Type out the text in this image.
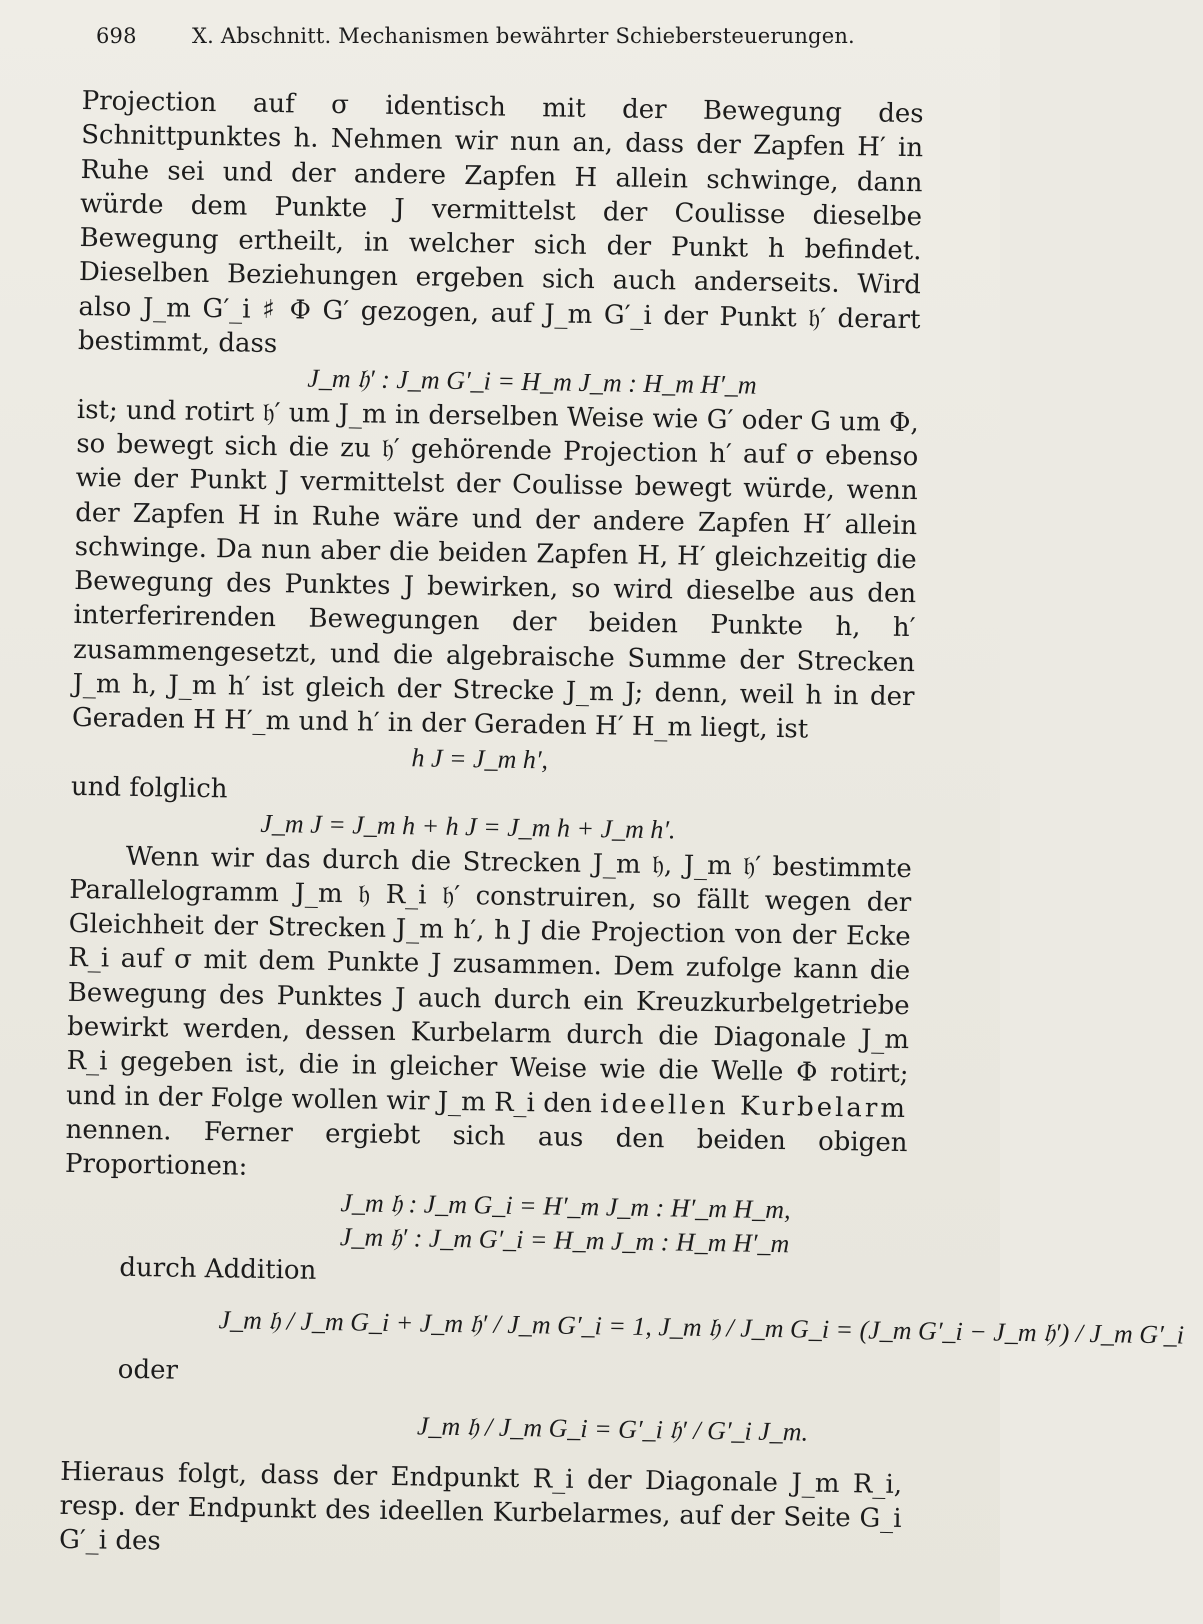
698	X. Abschnitt. Mechanismen bewährter Schiebersteuerungen.

Projection auf σ identisch mit der Bewegung des Schnittpunktes h. Nehmen wir nun an, dass der Zapfen H′ in Ruhe sei und der andere Zapfen H allein schwinge, dann würde dem Punkte J vermittelst der Coulisse dieselbe Bewegung ertheilt, in welcher sich der Punkt h befindet. Dieselben Beziehungen ergeben sich auch anderseits. Wird also J_m G′_i ♯ Φ G′ gezogen, auf J_m G′_i der Punkt 𝔥′ derart bestimmt, dass
J_m 𝔥′ : J_m G′_i = H_m J_m : H_m H′_m
ist; und rotirt 𝔥′ um J_m in derselben Weise wie G′ oder G um Φ, so bewegt sich die zu 𝔥′ gehörende Projection h′ auf σ ebenso wie der Punkt J vermittelst der Coulisse bewegt würde, wenn der Zapfen H in Ruhe wäre und der andere Zapfen H′ allein schwinge. Da nun aber die beiden Zapfen H, H′ gleichzeitig die Bewegung des Punktes J bewirken, so wird dieselbe aus den interferirenden Bewegungen der beiden Punkte h, h′ zusammengesetzt, und die algebraische Summe der Strecken J_m h, J_m h′ ist gleich der Strecke J_m J; denn, weil h in der Geraden H H′_m und h′ in der Geraden H′ H_m liegt, ist
h J = J_m h′,
und folglich
J_m J = J_m h + h J = J_m h + J_m h′.

Wenn wir das durch die Strecken J_m 𝔥, J_m 𝔥′ bestimmte Parallelogramm J_m 𝔥 R_i 𝔥′ construiren, so fällt wegen der Gleichheit der Strecken J_m h′, h J die Projection von der Ecke R_i auf σ mit dem Punkte J zusammen. Dem zufolge kann die Bewegung des Punktes J auch durch ein Kreuzkurbelgetriebe bewirkt werden, dessen Kurbelarm durch die Diagonale J_m R_i gegeben ist, die in gleicher Weise wie die Welle Φ rotirt; und in der Folge wollen wir J_m R_i den ideellen Kurbelarm nennen. Ferner ergiebt sich aus den beiden obigen Proportionen:
J_m 𝔥 : J_m G_i = H′_m J_m : H′_m H_m,
J_m 𝔥′ : J_m G′_i = H_m J_m : H_m H′_m
durch Addition
J_m 𝔥 / J_m G_i + J_m 𝔥′ / J_m G′_i = 1, J_m 𝔥 / J_m G_i = (J_m G′_i − J_m 𝔥′) / J_m G′_i
oder
J_m 𝔥 / J_m G_i = G′_i 𝔥′ / G′_i J_m.

Hieraus folgt, dass der Endpunkt R_i der Diagonale J_m R_i, resp. der Endpunkt des ideellen Kurbelarmes, auf der Seite G_i G′_i des
